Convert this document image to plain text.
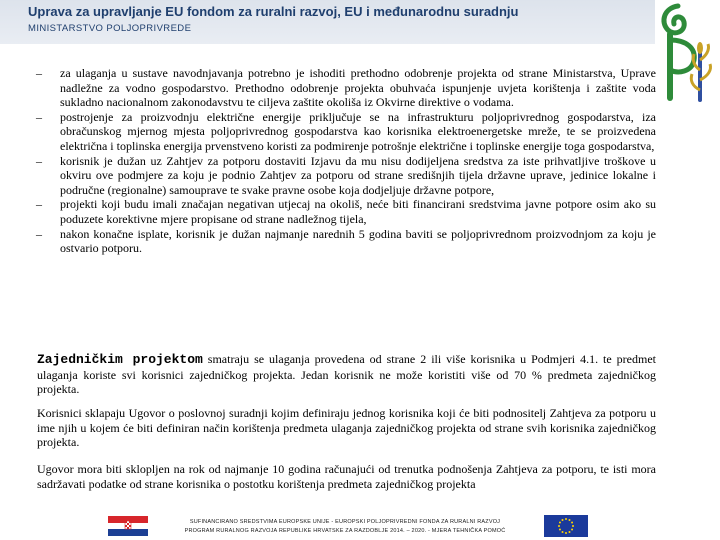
Uprava za upravljanje EU fondom za ruralni razvoj, EU i međunarodnu suradnju
MINISTARSTVO POLJOPRIVREDE
– za ulaganja u sustave navodnjavanja potrebno je ishoditi prethodno odobrenje projekta od strane Ministarstva, Uprave nadležne za vodno gospodarstvo. Prethodno odobrenje projekta obuhvaća ispunjenje uvjeta korištenja i zaštite voda sukladno nacionalnom zakonodavstvu te ciljeva zaštite okoliša iz Okvirne direktive o vodama.
– postrojenje za proizvodnju električne energije priključuje se na infrastrukturu poljoprivrednog gospodarstva, iza obračunskog mjernog mjesta poljoprivrednog gospodarstva kao korisnika elektroenergetske mreže, te se proizvedena električna i toplinska energija prvenstveno koristi za podmirenje potrošnje električne i toplinske energije toga gospodarstva,
– korisnik je dužan uz Zahtjev za potporu dostaviti Izjavu da mu nisu dodijeljena sredstva za iste prihvatljive troškove u okviru ove podmjere za koju je podnio Zahtjev za potporu od strane središnjih tijela državne uprave, jedinice lokalne i područne (regionalne) samouprave te svake pravne osobe koja dodjeljuje državne potpore,
– projekti koji budu imali značajan negativan utjecaj na okoliš, neće biti financirani sredstvima javne potpore osim ako su poduzete korektivne mjere propisane od strane nadležnog tijela,
– nakon konačne isplate, korisnik je dužan najmanje narednih 5 godina baviti se poljoprivrednom proizvodnjom za koju je ostvario potporu.

Zajedničkim projektom smatraju se ulaganja provedena od strane 2 ili više korisnika u Podmjeri 4.1. te predmet ulaganja koriste svi korisnici zajedničkog projekta. Jedan korisnik ne može koristiti više od 70 % predmeta zajedničkog projekta.

Korisnici sklapaju Ugovor o poslovnoj suradnji kojim definiraju jednog korisnika koji će biti podnositelj Zahtjeva za potporu u ime njih u kojem će biti definiran način korištenja predmeta ulaganja zajedničkog projekta od strane svih korisnika zajedničkog projekta.

Ugovor mora biti sklopljen na rok od najmanje 10 godina računajući od trenutka podnošenja Zahtjeva za potporu, te isti mora sadržavati podatke od strane korisnika o postotku korištenja predmeta zajedničkog projekta

SUFINANCIRANO SREDSTVIMA EUROPSKE UNIJE - EUROPSKI POLJOPRIVREDNI FONDA ZA RURALNI RAZVOJ
PROGRAM RURALNOG RAZVOJA REPUBLIKE HRVATSKE ZA RAZDOBLJE 2014. – 2020. - MJERA TEHNIČKA POMOĆ
